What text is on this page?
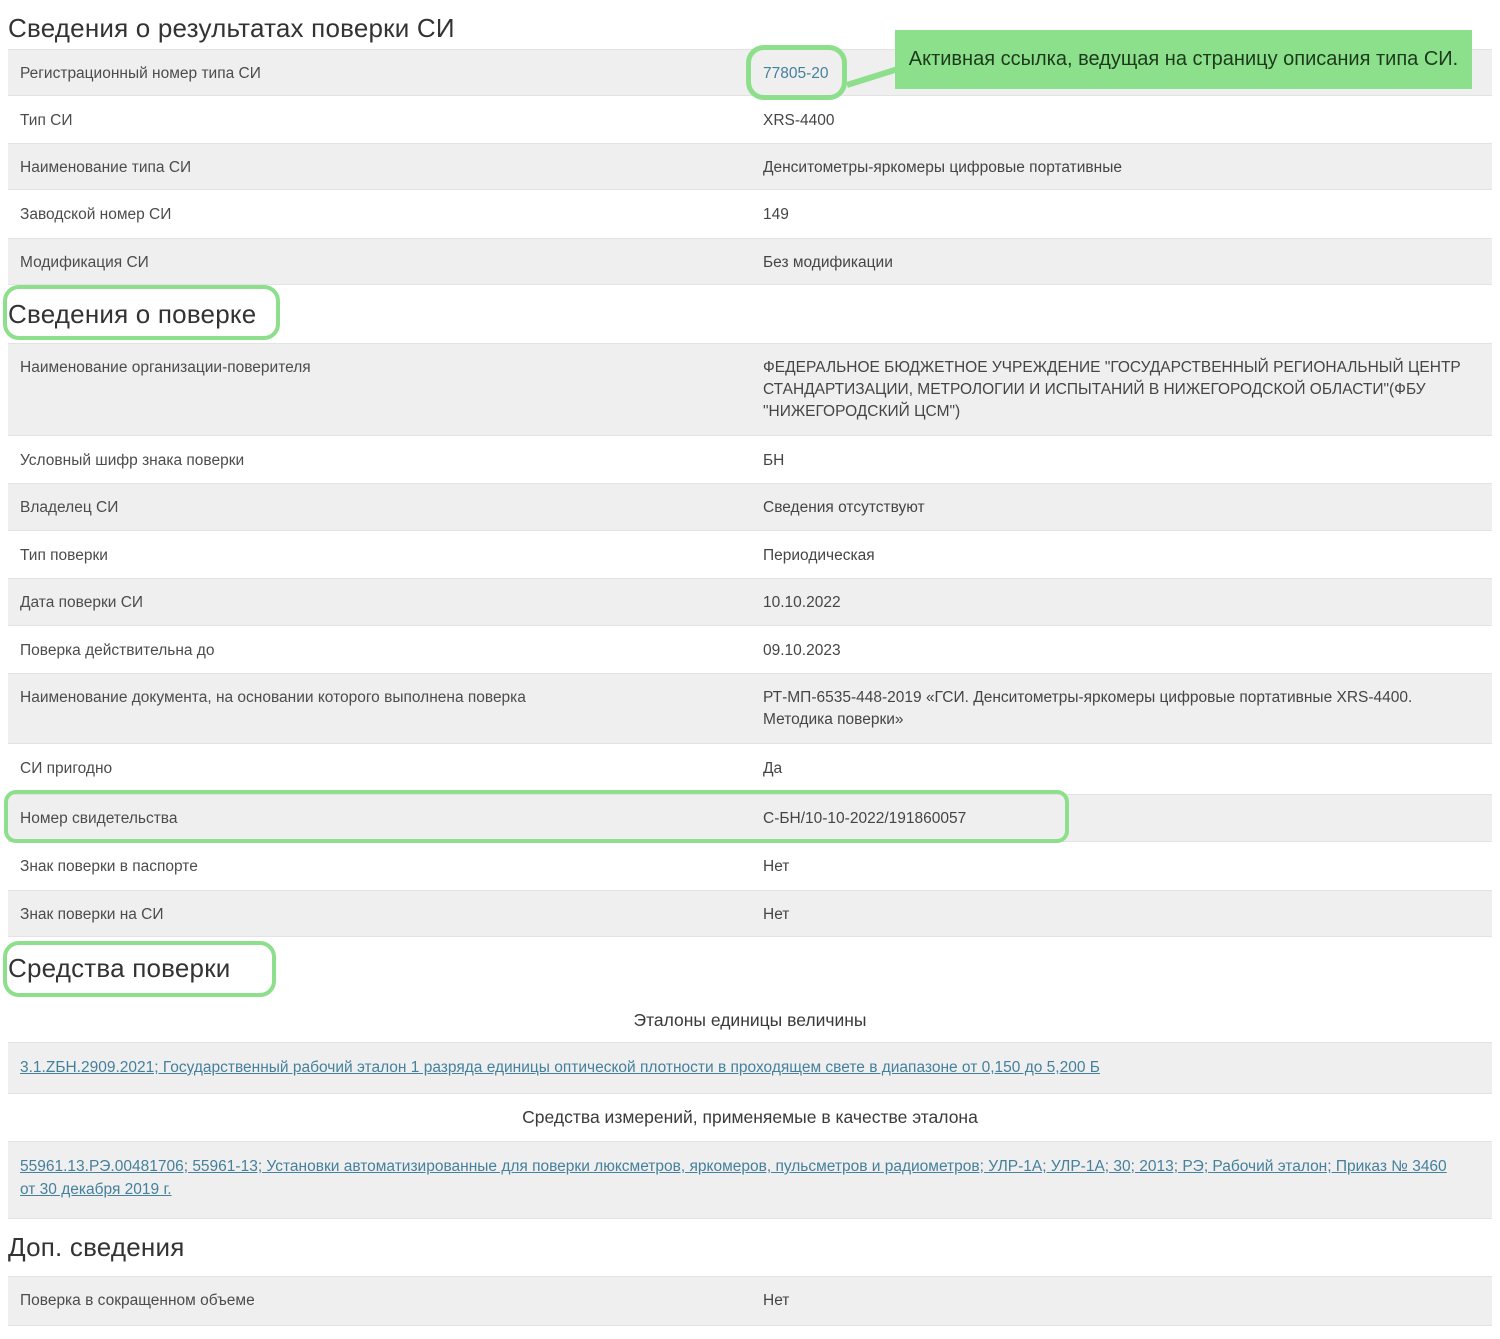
Сведения о результатах поверки СИ
Регистрационный номер типа СИ	77805-20
Тип СИ	XRS-4400
Наименование типа СИ	Денситометры-яркомеры цифровые портативные
Заводской номер СИ	149
Модификация СИ	Без модификации
Сведения о поверке
Наименование организации-поверителя	ФЕДЕРАЛЬНОЕ БЮДЖЕТНОЕ УЧРЕЖДЕНИЕ "ГОСУДАРСТВЕННЫЙ РЕГИОНАЛЬНЫЙ ЦЕНТР СТАНДАРТИЗАЦИИ, МЕТРОЛОГИИ И ИСПЫТАНИЙ В НИЖЕГОРОДСКОЙ ОБЛАСТИ"(ФБУ "НИЖЕГОРОДСКИЙ ЦСМ")
Условный шифр знака поверки	БН
Владелец СИ	Сведения отсутствуют
Тип поверки	Периодическая
Дата поверки СИ	10.10.2022
Поверка действительна до	09.10.2023
Наименование документа, на основании которого выполнена поверка	РТ-МП-6535-448-2019 «ГСИ. Денситометры-яркомеры цифровые портативные XRS-4400. Методика поверки»
СИ пригодно	Да
Номер свидетельства	С-БН/10-10-2022/191860057
Знак поверки в паспорте	Нет
Знак поверки на СИ	Нет
Средства поверки
Эталоны единицы величины
3.1.ZБН.2909.2021; Государственный рабочий эталон 1 разряда единицы оптической плотности в проходящем свете в диапазоне от 0,150 до 5,200 Б
Средства измерений, применяемые в качестве эталона
55961.13.РЭ.00481706; 55961-13; Установки автоматизированные для поверки люксметров, яркомеров, пульсметров и радиометров; УЛР-1А; УЛР-1А; 30; 2013; РЭ; Рабочий эталон; Приказ № 3460 от 30 декабря 2019 г.
Доп. сведения
Поверка в сокращенном объеме	Нет
Активная ссылка, ведущая на страницу описания типа СИ.
